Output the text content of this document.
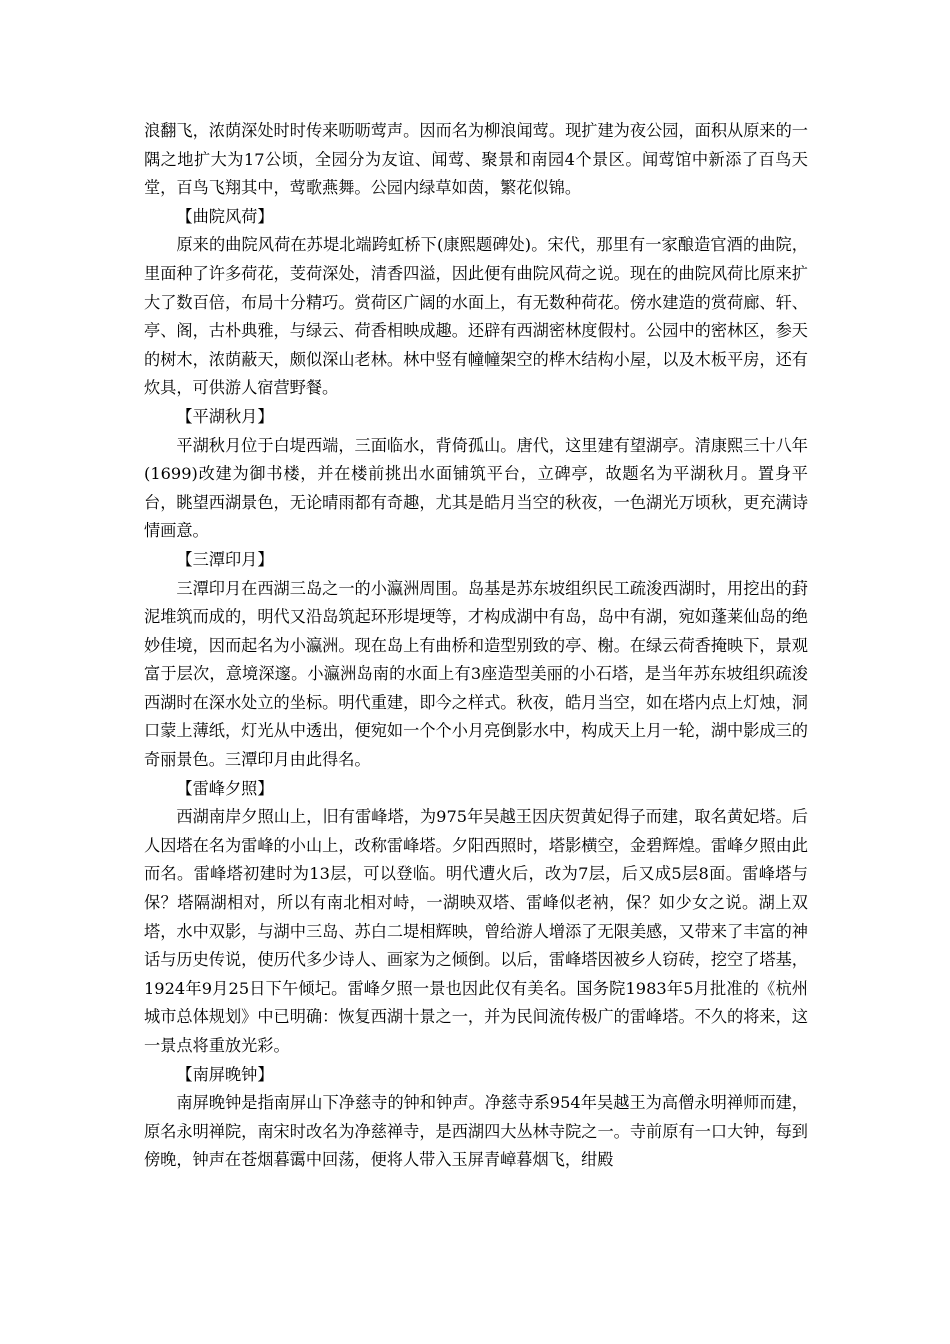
浪翻飞，浓荫深处时时传来呖呖莺声。因而名为柳浪闻莺。现扩建为夜公园，面积从原来的一隅之地扩大为17公顷，全园分为友谊、闻莺、聚景和南园4个景区。闻莺馆中新添了百鸟天堂，百鸟飞翔其中，莺歌燕舞。公园内绿草如茵，繁花似锦。

【曲院风荷】

原来的曲院风荷在苏堤北端跨虹桥下(康熙题碑处)。宋代，那里有一家酿造官酒的曲院，里面种了许多荷花，芰荷深处，清香四溢，因此便有曲院风荷之说。现在的曲院风荷比原来扩大了数百倍，布局十分精巧。赏荷区广阔的水面上，有无数种荷花。傍水建造的赏荷廊、轩、亭、阁，古朴典雅，与绿云、荷香相映成趣。还辟有西湖密林度假村。公园中的密林区，参天的树木，浓荫蔽天，颇似深山老林。林中竖有幢幢架空的桦木结构小屋，以及木板平房，还有炊具，可供游人宿营野餐。

【平湖秋月】

平湖秋月位于白堤西端，三面临水，背倚孤山。唐代，这里建有望湖亭。清康熙三十八年(1699)改建为御书楼，并在楼前挑出水面铺筑平台，立碑亭，故题名为平湖秋月。置身平台，眺望西湖景色，无论晴雨都有奇趣，尤其是皓月当空的秋夜，一色湖光万顷秋，更充满诗情画意。

【三潭印月】

三潭印月在西湖三岛之一的小瀛洲周围。岛基是苏东坡组织民工疏浚西湖时，用挖出的葑泥堆筑而成的，明代又沿岛筑起环形堤埂等，才构成湖中有岛，岛中有湖，宛如蓬莱仙岛的绝妙佳境，因而起名为小瀛洲。现在岛上有曲桥和造型别致的亭、榭。在绿云荷香掩映下，景观富于层次，意境深邃。小瀛洲岛南的水面上有3座造型美丽的小石塔，是当年苏东坡组织疏浚西湖时在深水处立的坐标。明代重建，即今之样式。秋夜，皓月当空，如在塔内点上灯烛，洞口蒙上薄纸，灯光从中透出，便宛如一个个小月亮倒影水中，构成天上月一轮，湖中影成三的奇丽景色。三潭印月由此得名。

【雷峰夕照】

西湖南岸夕照山上，旧有雷峰塔，为975年吴越王因庆贺黄妃得子而建，取名黄妃塔。后人因塔在名为雷峰的小山上，改称雷峰塔。夕阳西照时，塔影横空，金碧辉煌。雷峰夕照由此而名。雷峰塔初建时为13层，可以登临。明代遭火后，改为7层，后又成5层8面。雷峰塔与保？塔隔湖相对，所以有南北相对峙，一湖映双塔、雷峰似老衲，保？如少女之说。湖上双塔，水中双影，与湖中三岛、苏白二堤相辉映，曾给游人增添了无限美感，又带来了丰富的神话与历史传说，使历代多少诗人、画家为之倾倒。以后，雷峰塔因被乡人窃砖，挖空了塔基，1924年9月25日下午倾圮。雷峰夕照一景也因此仅有美名。国务院1983年5月批准的《杭州城市总体规划》中已明确：恢复西湖十景之一，并为民间流传极广的雷峰塔。不久的将来，这一景点将重放光彩。

【南屏晚钟】

南屏晚钟是指南屏山下净慈寺的钟和钟声。净慈寺系954年吴越王为高僧永明禅师而建，原名永明禅院，南宋时改名为净慈禅寺，是西湖四大丛林寺院之一。寺前原有一口大钟，每到傍晚，钟声在苍烟暮霭中回荡，便将人带入玉屏青嶂暮烟飞，绀殿
